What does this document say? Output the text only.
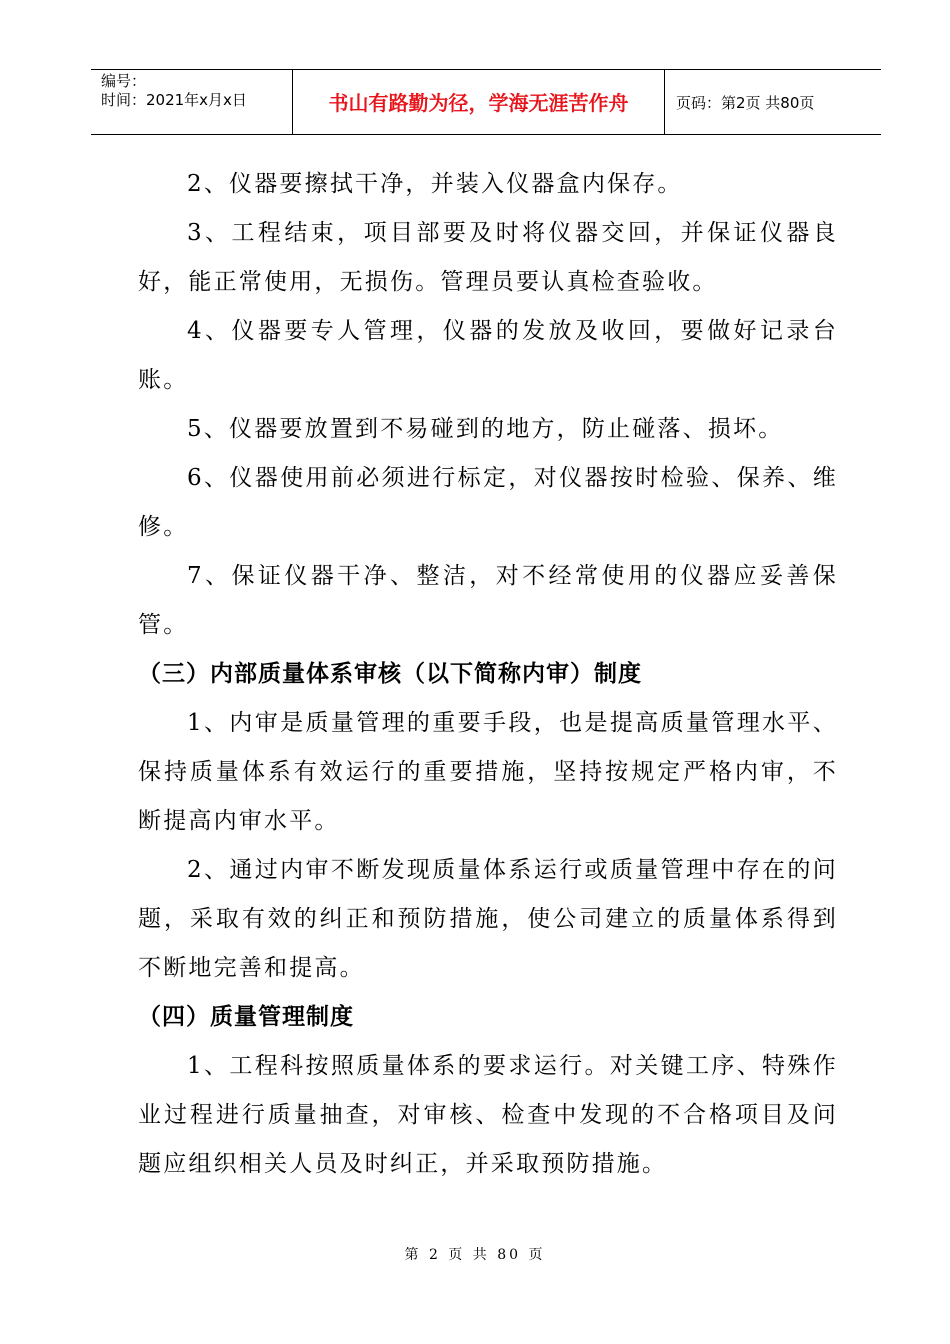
编号：
时间：2021年x月x日	书山有路勤为径，学海无涯苦作舟	页码：第2页 共80页

2、仪器要擦拭干净，并装入仪器盒内保存。

3、工程结束，项目部要及时将仪器交回，并保证仪器良好，能正常使用，无损伤。管理员要认真检查验收。

4、仪器要专人管理，仪器的发放及收回，要做好记录台账。

5、仪器要放置到不易碰到的地方，防止碰落、损坏。

6、仪器使用前必须进行标定，对仪器按时检验、保养、维修。

7、保证仪器干净、整洁，对不经常使用的仪器应妥善保管。

（三）内部质量体系审核（以下简称内审）制度

1、内审是质量管理的重要手段，也是提高质量管理水平、保持质量体系有效运行的重要措施，坚持按规定严格内审，不断提高内审水平。

2、通过内审不断发现质量体系运行或质量管理中存在的问题，采取有效的纠正和预防措施，使公司建立的质量体系得到不断地完善和提高。

（四）质量管理制度

1、工程科按照质量体系的要求运行。对关键工序、特殊作业过程进行质量抽查，对审核、检查中发现的不合格项目及问题应组织相关人员及时纠正，并采取预防措施。

第 2 页 共 80 页
